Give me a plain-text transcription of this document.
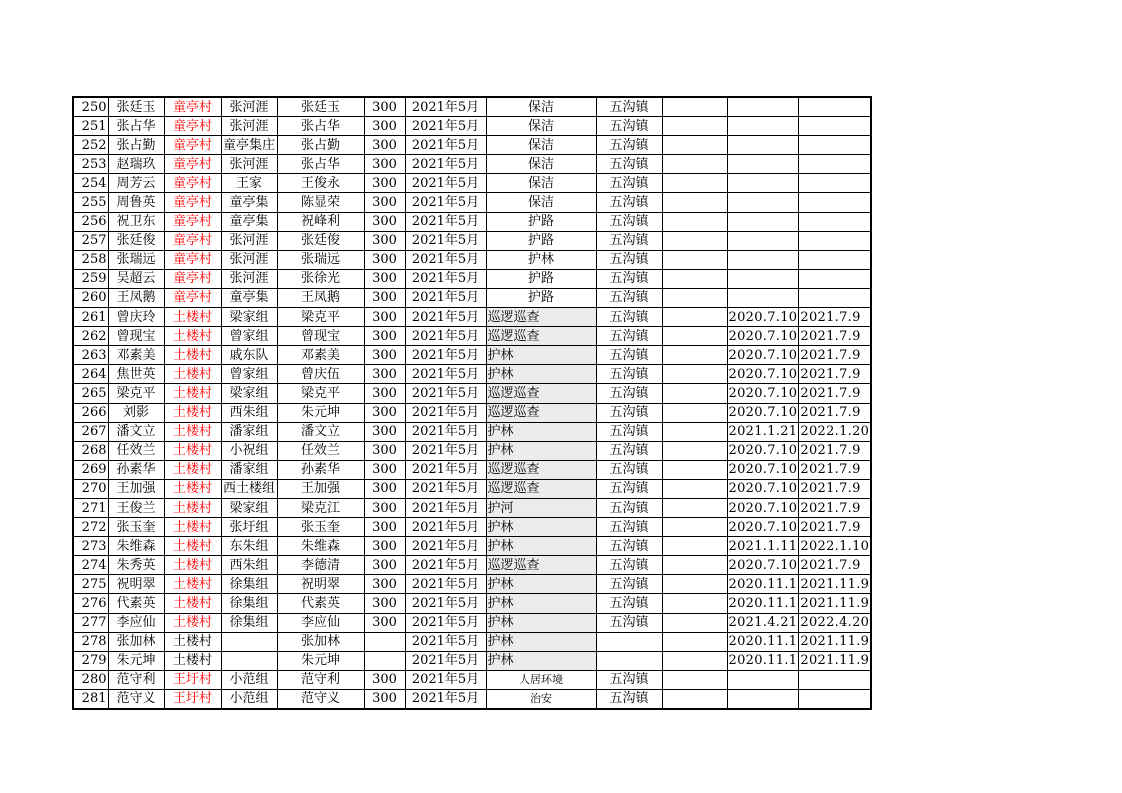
250	张廷玉	童亭村	张河涯	张廷玉	300	2021年5月	保洁	五沟镇			
251	张占华	童亭村	张河涯	张占华	300	2021年5月	保洁	五沟镇			
252	张占勤	童亭村	童亭集庄	张占勤	300	2021年5月	保洁	五沟镇			
253	赵瑞玖	童亭村	张河涯	张占华	300	2021年5月	保洁	五沟镇			
254	周芳云	童亭村	王家	王俊永	300	2021年5月	保洁	五沟镇			
255	周鲁英	童亭村	童亭集	陈显荣	300	2021年5月	保洁	五沟镇			
256	祝卫东	童亭村	童亭集	祝峰利	300	2021年5月	护路	五沟镇			
257	张廷俊	童亭村	张河涯	张廷俊	300	2021年5月	护路	五沟镇			
258	张瑞远	童亭村	张河涯	张瑞远	300	2021年5月	护林	五沟镇			
259	吴超云	童亭村	张河涯	张徐光	300	2021年5月	护路	五沟镇			
260	王凤鹅	童亭村	童亭集	王凤鹅	300	2021年5月	护路	五沟镇			
261	曾庆玲	土楼村	梁家组	梁克平	300	2021年5月	巡逻巡查	五沟镇		2020.7.10	2021.7.9
262	曾现宝	土楼村	曾家组	曾现宝	300	2021年5月	巡逻巡查	五沟镇		2020.7.10	2021.7.9
263	邓素美	土楼村	戚东队	邓素美	300	2021年5月	护林	五沟镇		2020.7.10	2021.7.9
264	焦世英	土楼村	曾家组	曾庆伍	300	2021年5月	护林	五沟镇		2020.7.10	2021.7.9
265	梁克平	土楼村	梁家组	梁克平	300	2021年5月	巡逻巡查	五沟镇		2020.7.10	2021.7.9
266	刘影	土楼村	西朱组	朱元坤	300	2021年5月	巡逻巡查	五沟镇		2020.7.10	2021.7.9
267	潘文立	土楼村	潘家组	潘文立	300	2021年5月	护林	五沟镇		2021.1.21	2022.1.20
268	任效兰	土楼村	小祝组	任效兰	300	2021年5月	护林	五沟镇		2020.7.10	2021.7.9
269	孙素华	土楼村	潘家组	孙素华	300	2021年5月	巡逻巡查	五沟镇		2020.7.10	2021.7.9
270	王加强	土楼村	西土楼组	王加强	300	2021年5月	巡逻巡查	五沟镇		2020.7.10	2021.7.9
271	王俊兰	土楼村	梁家组	梁克江	300	2021年5月	护河	五沟镇		2020.7.10	2021.7.9
272	张玉奎	土楼村	张圩组	张玉奎	300	2021年5月	护林	五沟镇		2020.7.10	2021.7.9
273	朱维森	土楼村	东朱组	朱维森	300	2021年5月	护林	五沟镇		2021.1.11	2022.1.10
274	朱秀英	土楼村	西朱组	李德清	300	2021年5月	巡逻巡查	五沟镇		2020.7.10	2021.7.9
275	祝明翠	土楼村	徐集组	祝明翠	300	2021年5月	护林	五沟镇		2020.11.1	2021.11.9
276	代素英	土楼村	徐集组	代素英	300	2021年5月	护林	五沟镇		2020.11.1	2021.11.9
277	李应仙	土楼村	徐集组	李应仙	300	2021年5月	护林	五沟镇		2021.4.21	2022.4.20
278	张加林	土楼村		张加林		2021年5月	护林			2020.11.1	2021.11.9
279	朱元坤	土楼村		朱元坤		2021年5月	护林			2020.11.1	2021.11.9
280	范守利	王圩村	小范组	范守利	300	2021年5月	人居环境	五沟镇			
281	范守义	王圩村	小范组	范守义	300	2021年5月	治安	五沟镇			
